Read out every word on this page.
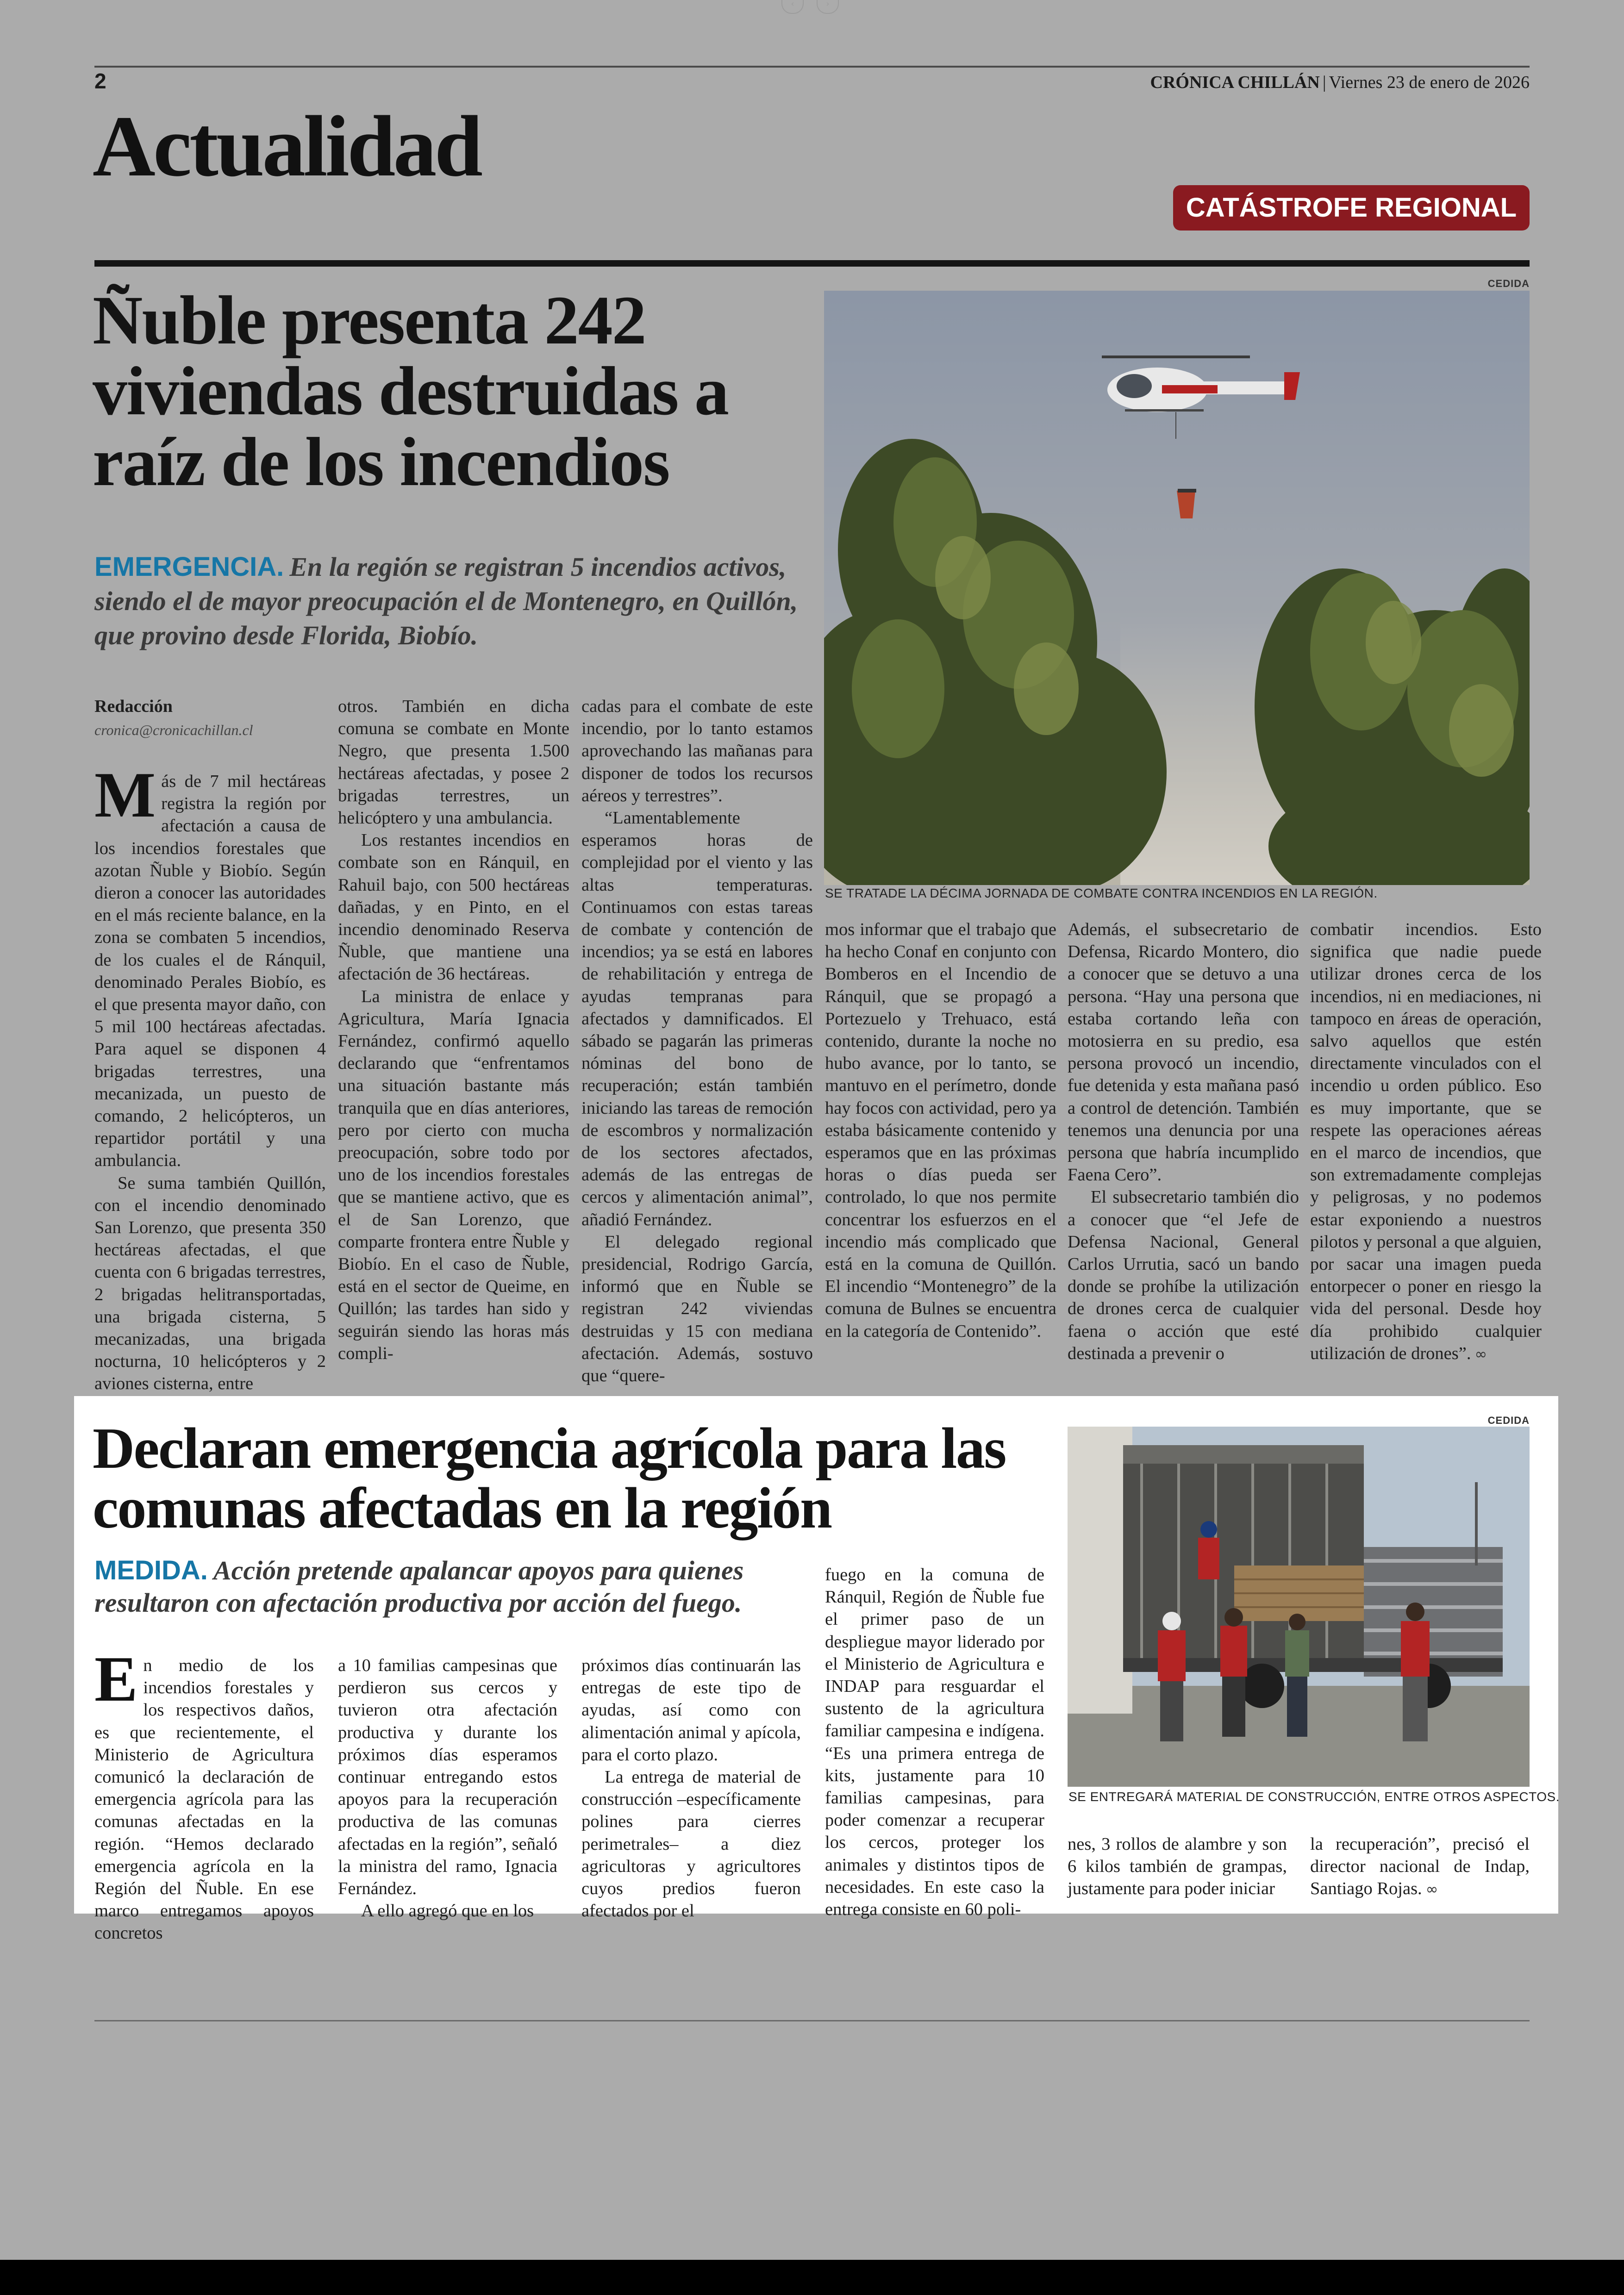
‹	›
2	CRÓNICA CHILLÁN | Viernes 23 de enero de 2026
Actualidad
CATÁSTROFE REGIONAL
Ñuble presenta 242 viviendas destruidas a raíz de los incendios

EMERGENCIA. En la región se registran 5 incendios activos, siendo el de mayor preocupación el de Montenegro, en Quillón, que provino desde Florida, Biobío.

Redacción
cronica@cronicachillan.cl

Más de 7 mil hectáreas registra la región por afectación a causa de los incendios forestales que azotan Ñuble y Biobío. Según dieron a conocer las autoridades en el más reciente balance, en la zona se combaten 5 incendios, de los cuales el de Ránquil, denominado Perales Biobío, es el que presenta mayor daño, con 5 mil 100 hectáreas afectadas. Para aquel se disponen 4 brigadas terrestres, una mecanizada, un puesto de comando, 2 helicópteros, un repartidor portátil y una ambulancia.

Se suma también Quillón, con el incendio denominado San Lorenzo, que presenta 350 hectáreas afectadas, el que cuenta con 6 brigadas terrestres, 2 brigadas helitransportadas, una brigada cisterna, 5 mecanizadas, una brigada nocturna, 10 helicópteros y 2 aviones cisterna, entre

otros. También en dicha comuna se combate en Monte Negro, que presenta 1.500 hectáreas afectadas, y posee 2 brigadas terrestres, un helicóptero y una ambulancia.

Los restantes incendios en combate son en Ránquil, en Rahuil bajo, con 500 hectáreas dañadas, y en Pinto, en el incendio denominado Reserva Ñuble, que mantiene una afectación de 36 hectáreas.

La ministra de enlace y Agricultura, María Ignacia Fernández, confirmó aquello declarando que “enfrentamos una situación bastante más tranquila que en días anteriores, pero por cierto con mucha preocupación, sobre todo por uno de los incendios forestales que se mantiene activo, que es el de San Lorenzo, que comparte frontera entre Ñuble y Biobío. En el caso de Ñuble, está en el sector de Queime, en Quillón; las tardes han sido y seguirán siendo las horas más compli-

cadas para el combate de este incendio, por lo tanto estamos aprovechando las mañanas para disponer de todos los recursos aéreos y terrestres”.

“Lamentablemente esperamos horas de complejidad por el viento y las altas temperaturas. Continuamos con estas tareas de combate y contención de incendios; ya se está en labores de rehabilitación y entrega de ayudas tempranas para afectados y damnificados. El sábado se pagarán las primeras nóminas del bono de recuperación; están también iniciando las tareas de remoción de escombros y normalización de los sectores afectados, además de las entregas de cercos y alimentación animal”, añadió Fernández.

El delegado regional presidencial, Rodrigo García, informó que en Ñuble se registran 242 viviendas destruidas y 15 con mediana afectación. Además, sostuvo que “quere-

CEDIDA
SE TRATADE LA DÉCIMA JORNADA DE COMBATE CONTRA INCENDIOS EN LA REGIÓN.

mos informar que el trabajo que ha hecho Conaf en conjunto con Bomberos en el Incendio de Ránquil, que se propagó a Portezuelo y Trehuaco, está contenido, durante la noche no hubo avance, por lo tanto, se mantuvo en el perímetro, donde hay focos con actividad, pero ya estaba básicamente contenido y esperamos que en las próximas horas o días pueda ser controlado, lo que nos permite concentrar los esfuerzos en el incendio más complicado que está en la comuna de Quillón. El incendio “Montenegro” de la comuna de Bulnes se encuentra en la categoría de Contenido”.

Además, el subsecretario de Defensa, Ricardo Montero, dio a conocer que se detuvo a una persona. “Hay una persona que estaba cortando leña con motosierra en su predio, esa persona provocó un incendio, fue detenida y esta mañana pasó a control de detención. También tenemos una denuncia por una persona que habría incumplido Faena Cero”.

El subsecretario también dio a conocer que “el Jefe de Defensa Nacional, General Carlos Urrutia, sacó un bando donde se prohíbe la utilización de drones cerca de cualquier faena o acción que esté destinada a prevenir o

combatir incendios. Esto significa que nadie puede utilizar drones cerca de los incendios, ni en mediaciones, ni tampoco en áreas de operación, salvo aquellos que estén directamente vinculados con el incendio u orden público. Eso es muy importante, que se respete las operaciones aéreas en el marco de incendios, que son extremadamente complejas y peligrosas, y no podemos estar exponiendo a nuestros pilotos y personal a que alguien, por sacar una imagen pueda entorpecer o poner en riesgo la vida del personal. Desde hoy día prohibido cualquier utilización de drones”. ∞

Declaran emergencia agrícola para las comunas afectadas en la región

MEDIDA. Acción pretende apalancar apoyos para quienes resultaron con afectación productiva por acción del fuego.

En medio de los incendios forestales y los respectivos daños, es que recientemente, el Ministerio de Agricultura comunicó la declaración de emergencia agrícola para las comunas afectadas en la región. “Hemos declarado emergencia agrícola en la Región del Ñuble. En ese marco entregamos apoyos concretos

a 10 familias campesinas que perdieron sus cercos y tuvieron otra afectación productiva y durante los próximos días esperamos continuar entregando estos apoyos para la recuperación productiva de las comunas afectadas en la región”, señaló la ministra del ramo, Ignacia Fernández.

A ello agregó que en los

próximos días continuarán las entregas de este tipo de ayudas, así como con alimentación animal y apícola, para el corto plazo.

La entrega de material de construcción –específicamente polines para cierres perimetrales– a diez agricultoras y agricultores cuyos predios fueron afectados por el

fuego en la comuna de Ránquil, Región de Ñuble fue el primer paso de un despliegue mayor liderado por el Ministerio de Agricultura e INDAP para resguardar el sustento de la agricultura familiar campesina e indígena. “Es una primera entrega de kits, justamente para 10 familias campesinas, para poder comenzar a recuperar los cercos, proteger los animales y distintos tipos de necesidades. En este caso la entrega consiste en 60 poli-

CEDIDA
SE ENTREGARÁ MATERIAL DE CONSTRUCCIÓN, ENTRE OTROS ASPECTOS.

nes, 3 rollos de alambre y son 6 kilos también de grampas, justamente para poder iniciar

la recuperación”, precisó el director nacional de Indap, Santiago Rojas. ∞
